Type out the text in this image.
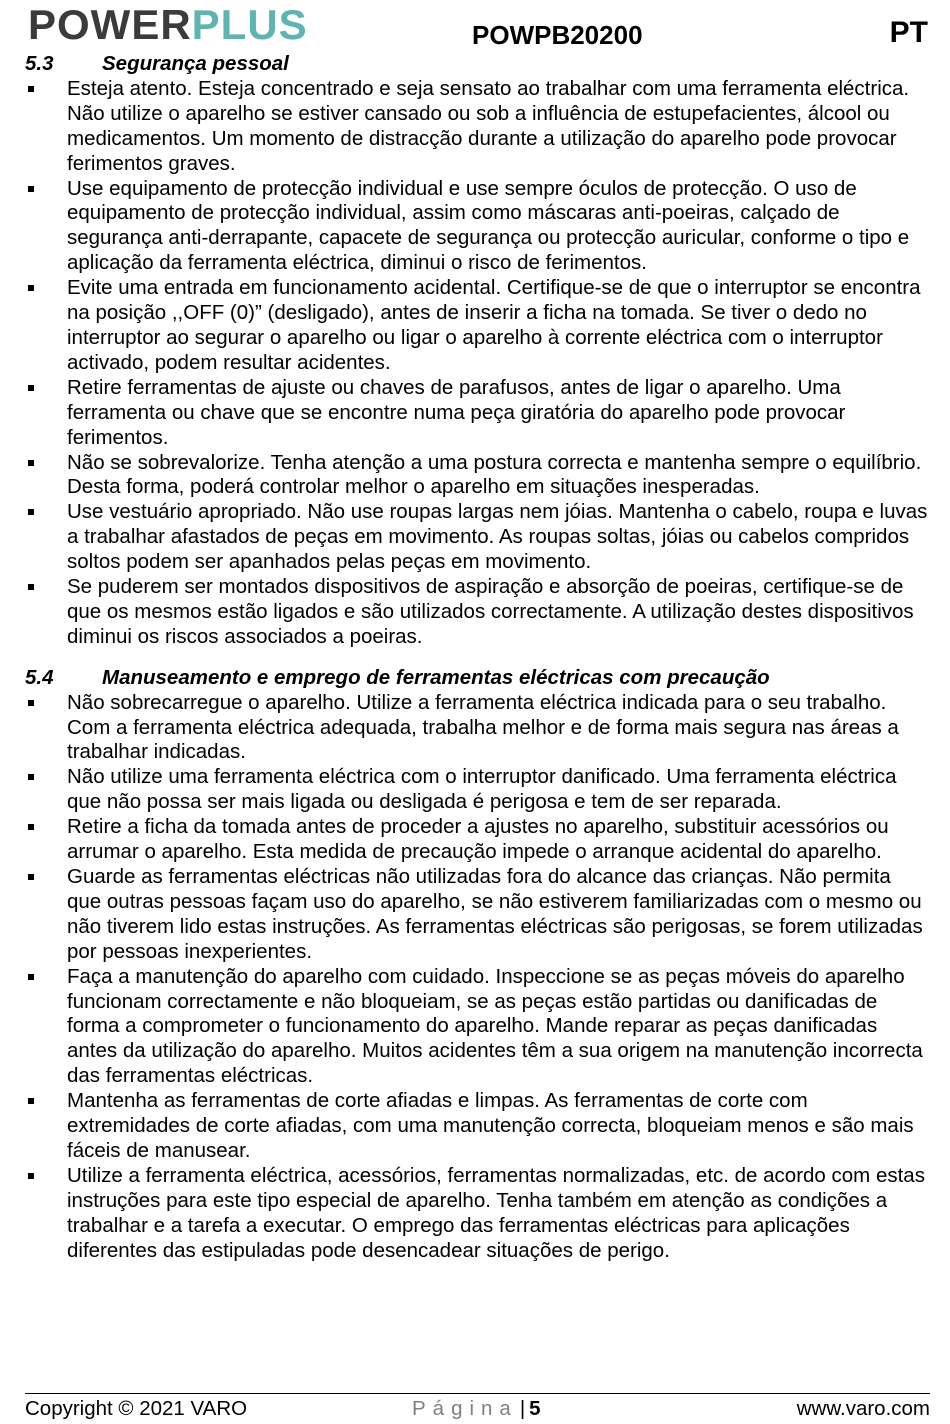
POWERPLUS	POWPB20200	PT
5.3	Segurança pessoal
Esteja atento. Esteja concentrado e seja sensato ao trabalhar com uma ferramenta eléctrica. Não utilize o aparelho se estiver cansado ou sob a influência de estupefacientes, álcool ou medicamentos. Um momento de distracção durante a utilização do aparelho pode provocar ferimentos graves.
Use equipamento de protecção individual e use sempre óculos de protecção. O uso de equipamento de protecção individual, assim como máscaras anti-poeiras, calçado de segurança anti-derrapante, capacete de segurança ou protecção auricular, conforme o tipo e aplicação da ferramenta eléctrica, diminui o risco de ferimentos.
Evite uma entrada em funcionamento acidental. Certifique-se de que o interruptor se encontra na posição ,,OFF (0)” (desligado), antes de inserir a ficha na tomada. Se tiver o dedo no interruptor ao segurar o aparelho ou ligar o aparelho à corrente eléctrica com o interruptor activado, podem resultar acidentes.
Retire ferramentas de ajuste ou chaves de parafusos, antes de ligar o aparelho. Uma ferramenta ou chave que se encontre numa peça giratória do aparelho pode provocar ferimentos.
Não se sobrevalorize. Tenha atenção a uma postura correcta e mantenha sempre o equilíbrio. Desta forma, poderá controlar melhor o aparelho em situações inesperadas.
Use vestuário apropriado. Não use roupas largas nem jóias. Mantenha o cabelo, roupa e luvas a trabalhar afastados de peças em movimento. As roupas soltas, jóias ou cabelos compridos soltos podem ser apanhados pelas peças em movimento.
Se puderem ser montados dispositivos de aspiração e absorção de poeiras, certifique-se de que os mesmos estão ligados e são utilizados correctamente. A utilização destes dispositivos diminui os riscos associados a poeiras.
5.4	Manuseamento e emprego de ferramentas eléctricas com precaução
Não sobrecarregue o aparelho. Utilize a ferramenta eléctrica indicada para o seu trabalho. Com a ferramenta eléctrica adequada, trabalha melhor e de forma mais segura nas áreas a trabalhar indicadas.
Não utilize uma ferramenta eléctrica com o interruptor danificado. Uma ferramenta eléctrica que não possa ser mais ligada ou desligada é perigosa e tem de ser reparada.
Retire a ficha da tomada antes de proceder a ajustes no aparelho, substituir acessórios ou arrumar o aparelho. Esta medida de precaução impede o arranque acidental do aparelho.
Guarde as ferramentas eléctricas não utilizadas fora do alcance das crianças. Não permita que outras pessoas façam uso do aparelho, se não estiverem familiarizadas com o mesmo ou não tiverem lido estas instruções. As ferramentas eléctricas são perigosas, se forem utilizadas por pessoas inexperientes.
Faça a manutenção do aparelho com cuidado. Inspeccione se as peças móveis do aparelho funcionam correctamente e não bloqueiam, se as peças estão partidas ou danificadas de forma a comprometer o funcionamento do aparelho. Mande reparar as peças danificadas antes da utilização do aparelho. Muitos acidentes têm a sua origem na manutenção incorrecta das ferramentas eléctricas.
Mantenha as ferramentas de corte afiadas e limpas. As ferramentas de corte com extremidades de corte afiadas, com uma manutenção correcta, bloqueiam menos e são mais fáceis de manusear.
Utilize a ferramenta eléctrica, acessórios, ferramentas normalizadas, etc. de acordo com estas instruções para este tipo especial de aparelho. Tenha também em atenção as condições a trabalhar e a tarefa a executar. O emprego das ferramentas eléctricas para aplicações diferentes das estipuladas pode desencadear situações de perigo.
Copyright © 2021 VARO	Página| 5	www.varo.com
